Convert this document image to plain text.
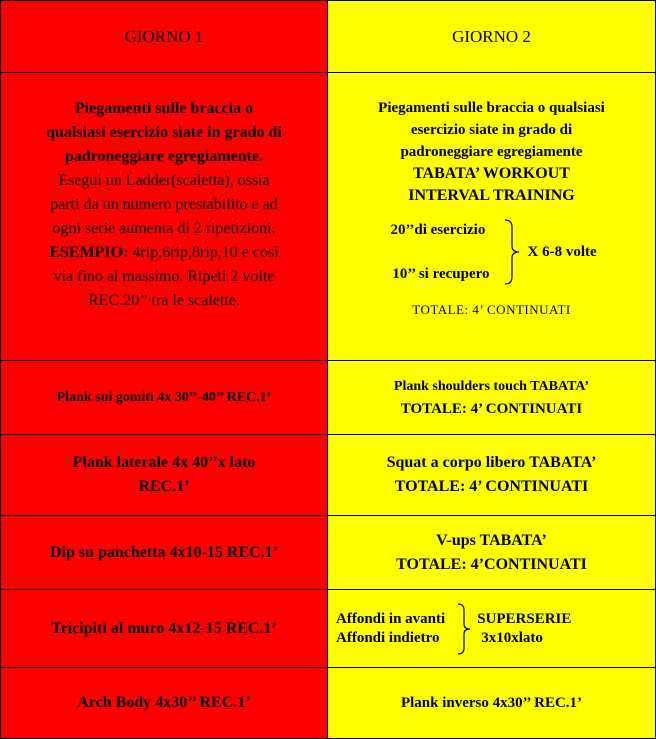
GIORNO 1	GIORNO 2
Piegamenti sulle braccia o
qualsiasi esercizio siate in grado di
padroneggiare egregiamente.
Esegui un Ladder(scaletta), ossia
parti da un numero prestabilito e ad
ogni serie aumenta di 2 ripetizioni.
ESEMPIO: 4rip,6rip,8rip,10 e così
via fino al massimo. Ripeti 2 volte
REC.20’’ tra le scalette.
Piegamenti sulle braccia o qualsiasi
esercizio siate in grado di
padroneggiare egregiamente
TABATA’ WORKOUT
INTERVAL TRAINING
20’’di esercizio
10’’ si recupero
X 6-8 volte
TOTALE: 4’ CONTINUATI
Plank sui gomiti 4x 30’’-40’’ REC.1’
Plank shoulders touch TABATA’
TOTALE: 4’ CONTINUATI
Plank laterale 4x 40’’x lato
REC.1’
Squat a corpo libero TABATA’
TOTALE: 4’ CONTINUATI
Dip su panchetta 4x10-15 REC.1’
V-ups TABATA’
TOTALE: 4’CONTINUATI
Tricipiti al muro 4x12-15 REC.1’
Affondi in avanti
Affondi indietro
SUPERSERIE
3x10xlato
Arch Body 4x30’’ REC.1’	Plank inverso 4x30’’ REC.1’
